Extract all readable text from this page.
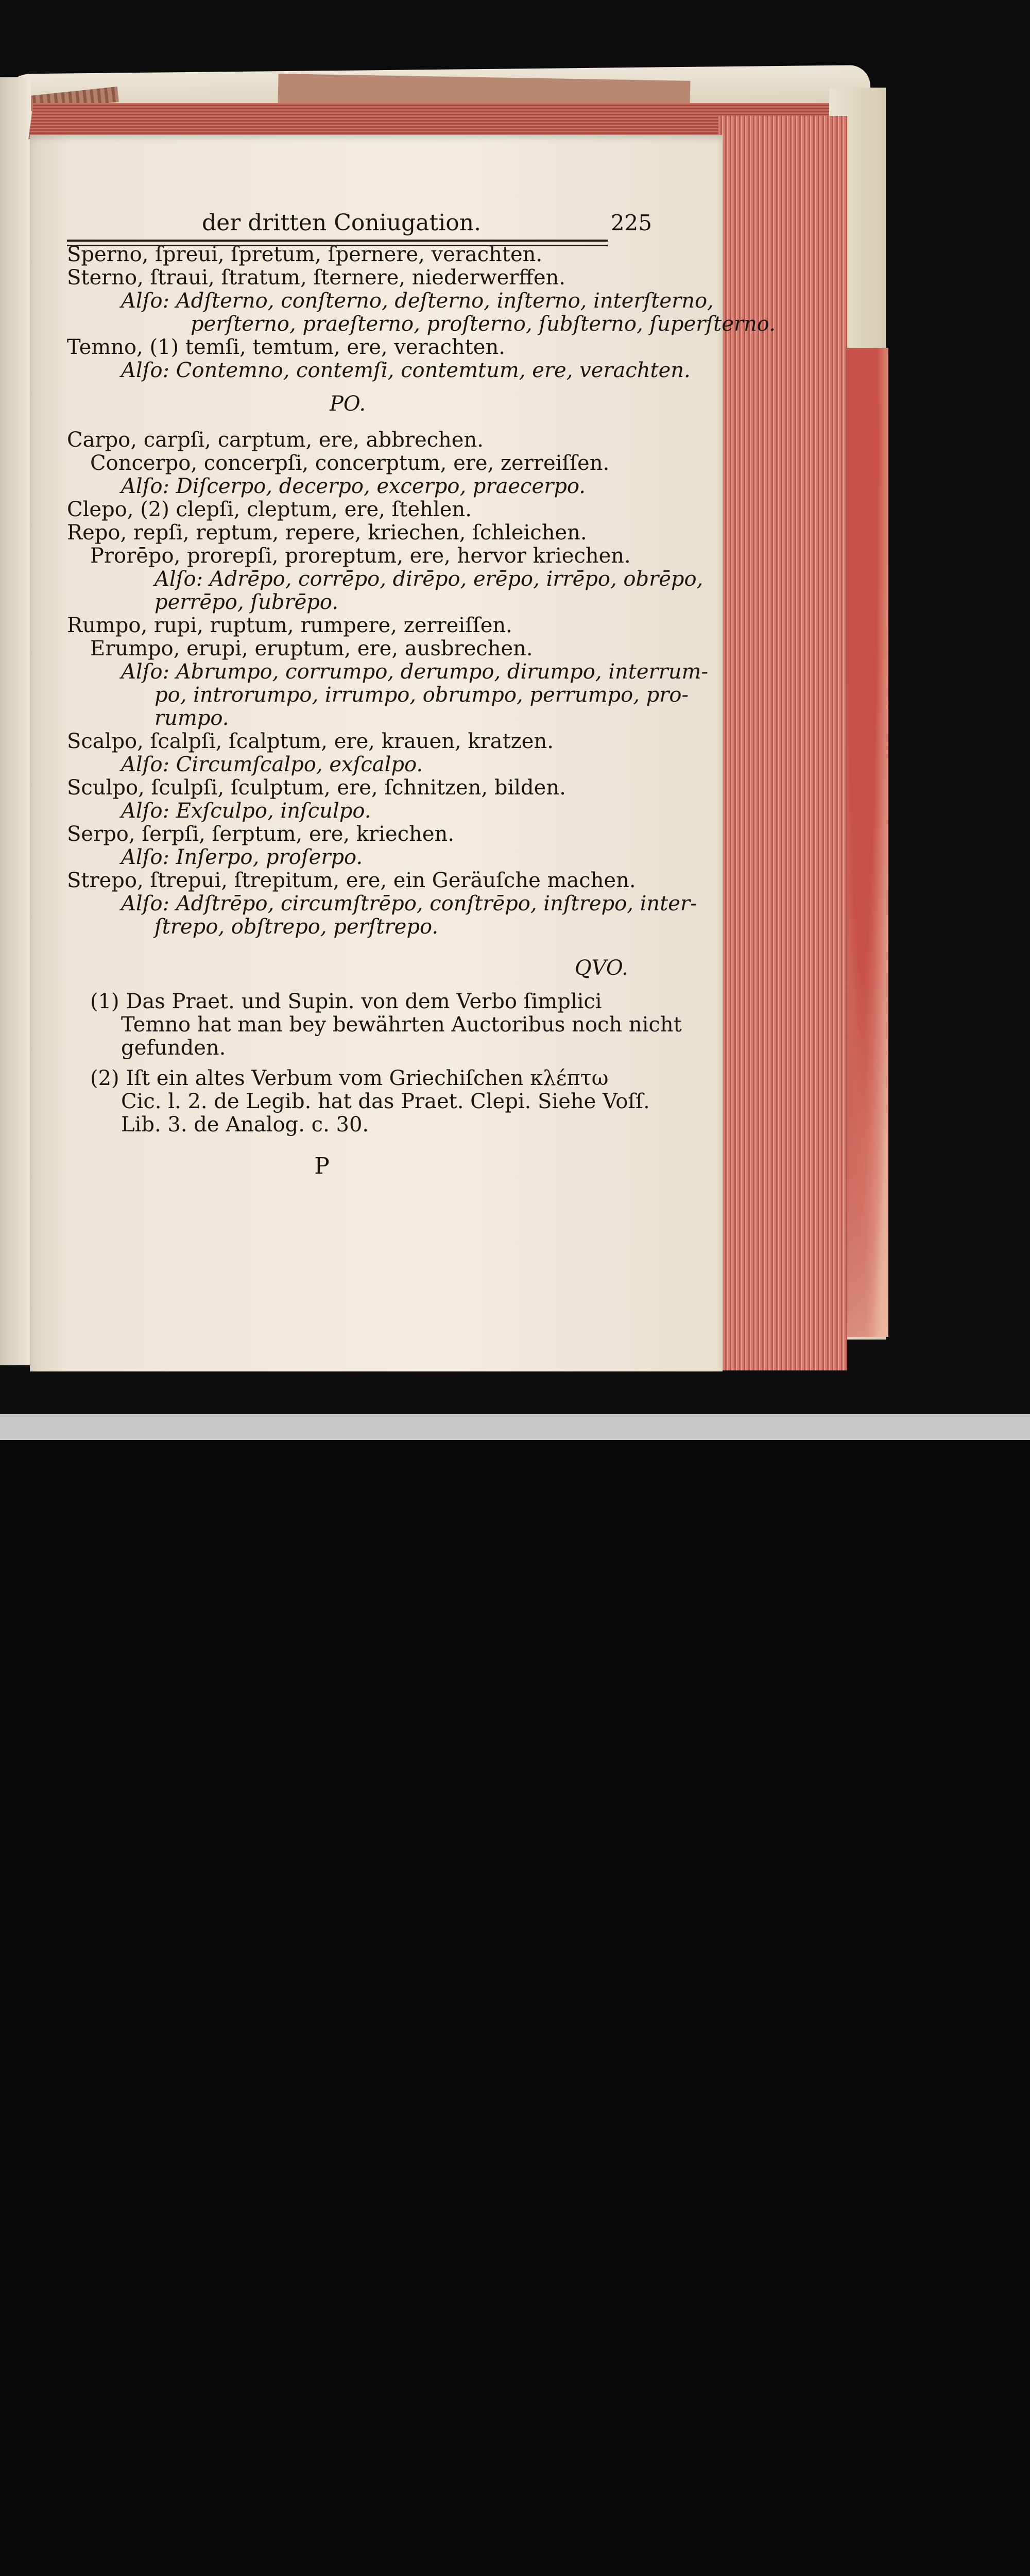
der dritten Coniugation.	225
Sperno, ſpreui, ſpretum, ſpernere, verachten.
Sterno, ſtraui, ſtratum, ſternere, niederwerffen.
Alſo: Adſterno, conſterno, deſterno, inſterno, interſterno,
perſterno, praeſterno, proſterno, ſubſterno, ſuperſterno.
Temno, (1) temſi, temtum, ere, verachten.
Alſo: Contemno, contemſi, contemtum, ere, verachten.
PO.
Carpo, carpſi, carptum, ere, abbrechen.
Concerpo, concerpſi, concerptum, ere, zerreiſſen.
Alſo: Diſcerpo, decerpo, excerpo, praecerpo.
Clepo, (2) clepſi, cleptum, ere, ſtehlen.
Repo, repſi, reptum, repere, kriechen, ſchleichen.
Prorēpo, prorepſi, proreptum, ere, hervor kriechen.
Alſo: Adrēpo, corrēpo, dirēpo, erēpo, irrēpo, obrēpo,
perrēpo, ſubrēpo.
Rumpo, rupi, ruptum, rumpere, zerreiſſen.
Erumpo, erupi, eruptum, ere, ausbrechen.
Alſo: Abrumpo, corrumpo, derumpo, dirumpo, interrum-
po, introrumpo, irrumpo, obrumpo, perrumpo, pro-
rumpo.
Scalpo, ſcalpſi, ſcalptum, ere, krauen, kratzen.
Alſo: Circumſcalpo, exſcalpo.
Sculpo, ſculpſi, ſculptum, ere, ſchnitzen, bilden.
Alſo: Exſculpo, inſculpo.
Serpo, ſerpſi, ſerptum, ere, kriechen.
Alſo: Inſerpo, proſerpo.
Strepo, ſtrepui, ſtrepitum, ere, ein Geräuſche machen.
Alſo: Adſtrēpo, circumſtrēpo, conſtrēpo, inſtrepo, inter-
ſtrepo, obſtrepo, perſtrepo.
QVO.
(1) Das Praet. und Supin. von dem Verbo ſimplici
Temno hat man bey bewährten Auctoribus noch nicht
gefunden.
(2) Iſt ein altes Verbum vom Griechiſchen κλέπτω
Cic. l. 2. de Legib. hat das Praet. Clepi. Siehe Voſſ.
Lib. 3. de Analog. c. 30.
P
